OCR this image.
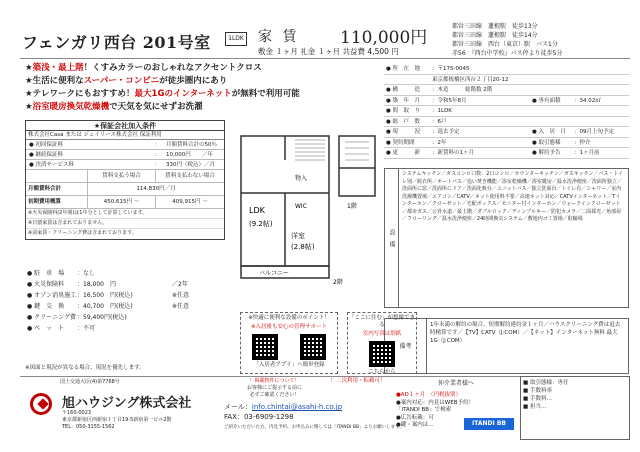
フェンガリ西台 201号室	1LDK 家 賃 110,000円
敷金 １ヶ月 礼金 １ヶ月 共益費 4,500 円
都営三田線　蓮根駅　徒歩13分
都営三田線　蓮根駅　徒歩14分
都営三田線　西台（東京）駅　バス1分
赤56　『西台中学校』バス停より徒歩5分
★築浅・最上階！くすみカラーのおしゃれなアクセントクロス
★生活に便利なスーパー・コンビニが徒歩圏内にあり
★テレワークにもおすすめ！最大1Gのインターネットが無料で利用可能
★浴室暖房換気乾燥機で天気を気にせずお洗濯
★保証会社加入条件
株式会社Casa または ジェイリース株式会社 保証利用
● 初回保証料	：	月額賃料合計の50％
● 継続保証料	：	10,000円　　／年
● 決済サービス料	：	330円（税込）／月
賃料支払う場合	賃料支払わない場合
月額賃料合計	114,830円／月
初期費用概算	450,615円 〜	409,915円 〜
※火災保険料(2年間)は1年分として計算しています。
※日割家賃は含まれておりません。
※前家賃・クリーニング費は含まれております。
LDK
(9.2帖)
洋室
(2.8帖)
物入
WIC
バルコニー
1階
2階
● 駐　車　場	：なし
● 火災保険料	：18,000　円	／2年
● オゾン消臭施工 ：16,500　円(税込)	※任意
● 鍵　交　換	：40,700　円(税込)	※任意
● クリーニング費 ：59,400円(税込)
● ペ　ッ　ト	：不可
※図面と現況が異なる場合、現況を優先します。
● 所　在　地	：〒175-0045
東京都板橋区西台２丁目20-12
● 構　　　造	：木造　　　総階数 2階
● 築　年　月	：令和5年8月	● 専有面積	：34.02㎡
● 間　取　り	：1LDK
● 総　戸　数	：6戸
● 現　　　況	：退去予定	● 入　居　日	：09月上旬予定
● 契約期間	：2年	● 取引態様	：仲介
● 更　　　新	：新賃料の1ヶ月	● 解約予告	：1ヶ月前
設　備
システムキッチン／ガスコンロ口数：2口コンロ／カウンターキッチン／ガスキッチン／バス・トイレ別／脱衣所／オートバス／追い焚き機能／浴室乾燥機／浴室暖房／温水洗浄便座／洗面所独立／洗面所に窓／洗面所にドア／洗面化粧台／ユニットバス／独立洗面台／トイレ有／シャワー／室内洗濯機置場／エアコン／CATV／ネット使用料不要／高速ネット対応／CATVインターネット／Tインターホン／クローゼット／宅配ボックス／モニター付インターホン／ウォークインクローゼット／都市ガス／公営水道／最上階／ダブルロック／ディンプルキー／防犯カメラ／二面採光／角部屋／フローリング／温水洗浄便座／24時間換気システム／敷地内ゴミ置場／駐輪場
備考
1年未満の解約の場合、短期解約違約金１ヶ月／ハウスクリーニング費は退去時精算です／【TV】CATV（J:COM）／【ネット】インターネット無料 最大1G（J:COM）
※快適に便利な設備のポイント！
※入居後も安心の管理サポート
「入居者アプリ」へ簡単登録
「ここに住む」が想像できる
室内写真は別紙
こちらから
国土交通大臣(4)第7768号
旭ハウジング株式会社
〒160-0023
東京都新宿区西新宿１丁目19-5新宿第一ビル2階
TEL：050-3155-1562
！掲載物件について！
お客様にご提示する前に
必ずご確認ください！
！二次利用・転載可！
メール：info.chintai@asahi-h.co.jp
FAX：03-6909-1298
ご紹介いただいた方。内見予約、お申込みに関しては「ITANDI BB」よりお願いします。
仲介業者様へ
●AD１ヶ月　（円税抜別）
●案内対応：内見はWEB予約！
「ITANDI BB」で検索
●広告転載：可
●鍵・案内は…	ITANDI BB
■ 取引態様：専任
■ 手数料率
■ 手数料…
■ 担当…
